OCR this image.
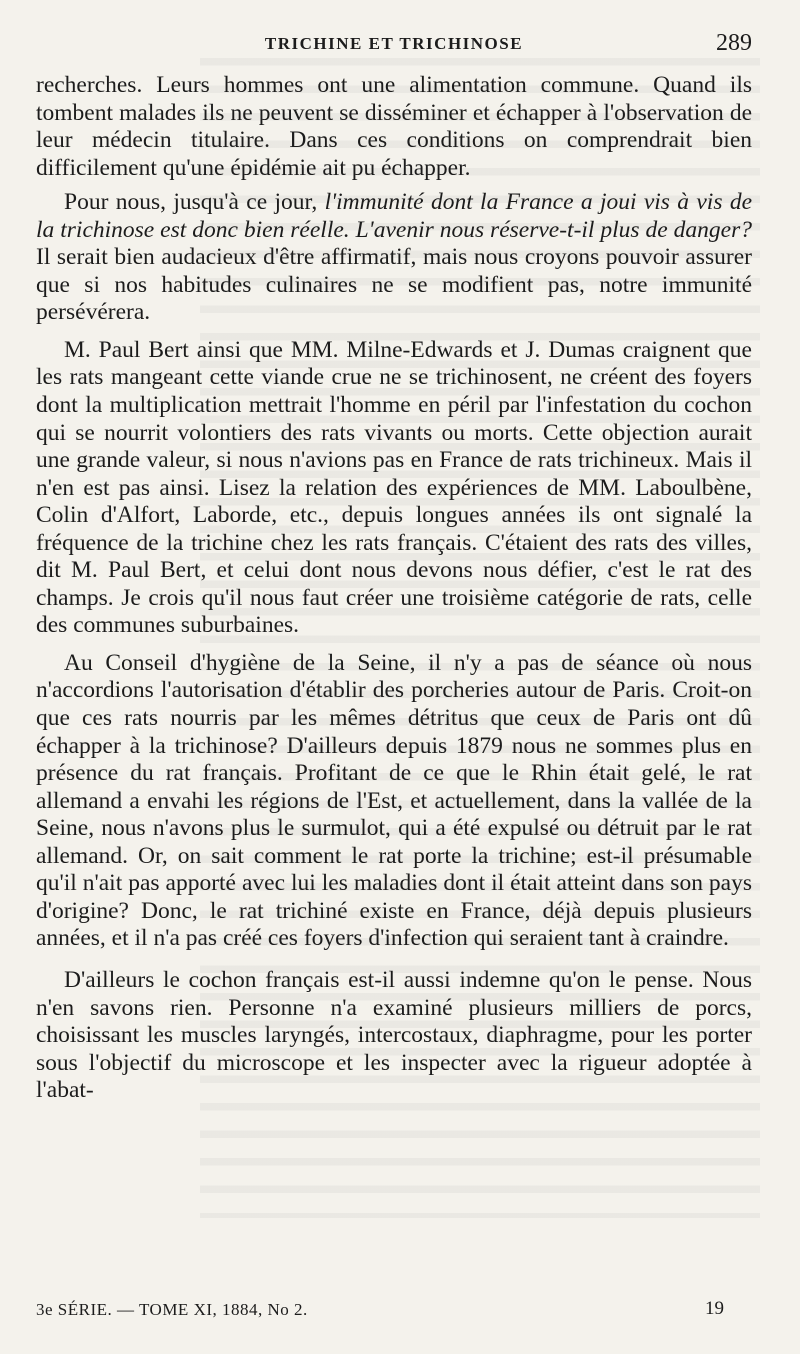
TRICHINE ET TRICHINOSE	289

recherches. Leurs hommes ont une alimentation commune. Quand ils tombent malades ils ne peuvent se disséminer et échapper à l'observation de leur médecin titulaire. Dans ces conditions on comprendrait bien difficilement qu'une épidémie ait pu échapper.

Pour nous, jusqu'à ce jour, l'immunité dont la France a joui vis à vis de la trichinose est donc bien réelle. L'avenir nous réserve-t-il plus de danger? Il serait bien audacieux d'être affirmatif, mais nous croyons pouvoir assurer que si nos habitudes culinaires ne se modifient pas, notre immunité persévérera.

M. Paul Bert ainsi que MM. Milne-Edwards et J. Dumas craignent que les rats mangeant cette viande crue ne se trichinosent, ne créent des foyers dont la multiplication mettrait l'homme en péril par l'infestation du cochon qui se nourrit volontiers des rats vivants ou morts. Cette objection aurait une grande valeur, si nous n'avions pas en France de rats trichineux. Mais il n'en est pas ainsi. Lisez la relation des expériences de MM. Laboulbène, Colin d'Alfort, Laborde, etc., depuis longues années ils ont signalé la fréquence de la trichine chez les rats français. C'étaient des rats des villes, dit M. Paul Bert, et celui dont nous devons nous défier, c'est le rat des champs. Je crois qu'il nous faut créer une troisième catégorie de rats, celle des communes suburbaines.

Au Conseil d'hygiène de la Seine, il n'y a pas de séance où nous n'accordions l'autorisation d'établir des porcheries autour de Paris. Croit-on que ces rats nourris par les mêmes détritus que ceux de Paris ont dû échapper à la trichinose? D'ailleurs depuis 1879 nous ne sommes plus en présence du rat français. Profitant de ce que le Rhin était gelé, le rat allemand a envahi les régions de l'Est, et actuellement, dans la vallée de la Seine, nous n'avons plus le surmulot, qui a été expulsé ou détruit par le rat allemand. Or, on sait comment le rat porte la trichine; est-il présumable qu'il n'ait pas apporté avec lui les maladies dont il était atteint dans son pays d'origine? Donc, le rat trichiné existe en France, déjà depuis plusieurs années, et il n'a pas créé ces foyers d'infection qui seraient tant à craindre.

D'ailleurs le cochon français est-il aussi indemne qu'on le pense. Nous n'en savons rien. Personne n'a examiné plusieurs milliers de porcs, choisissant les muscles laryngés, intercostaux, diaphragme, pour les porter sous l'objectif du microscope et les inspecter avec la rigueur adoptée à l'abat-

3e SÉRIE. — TOME XI, 1884, No 2.	19
